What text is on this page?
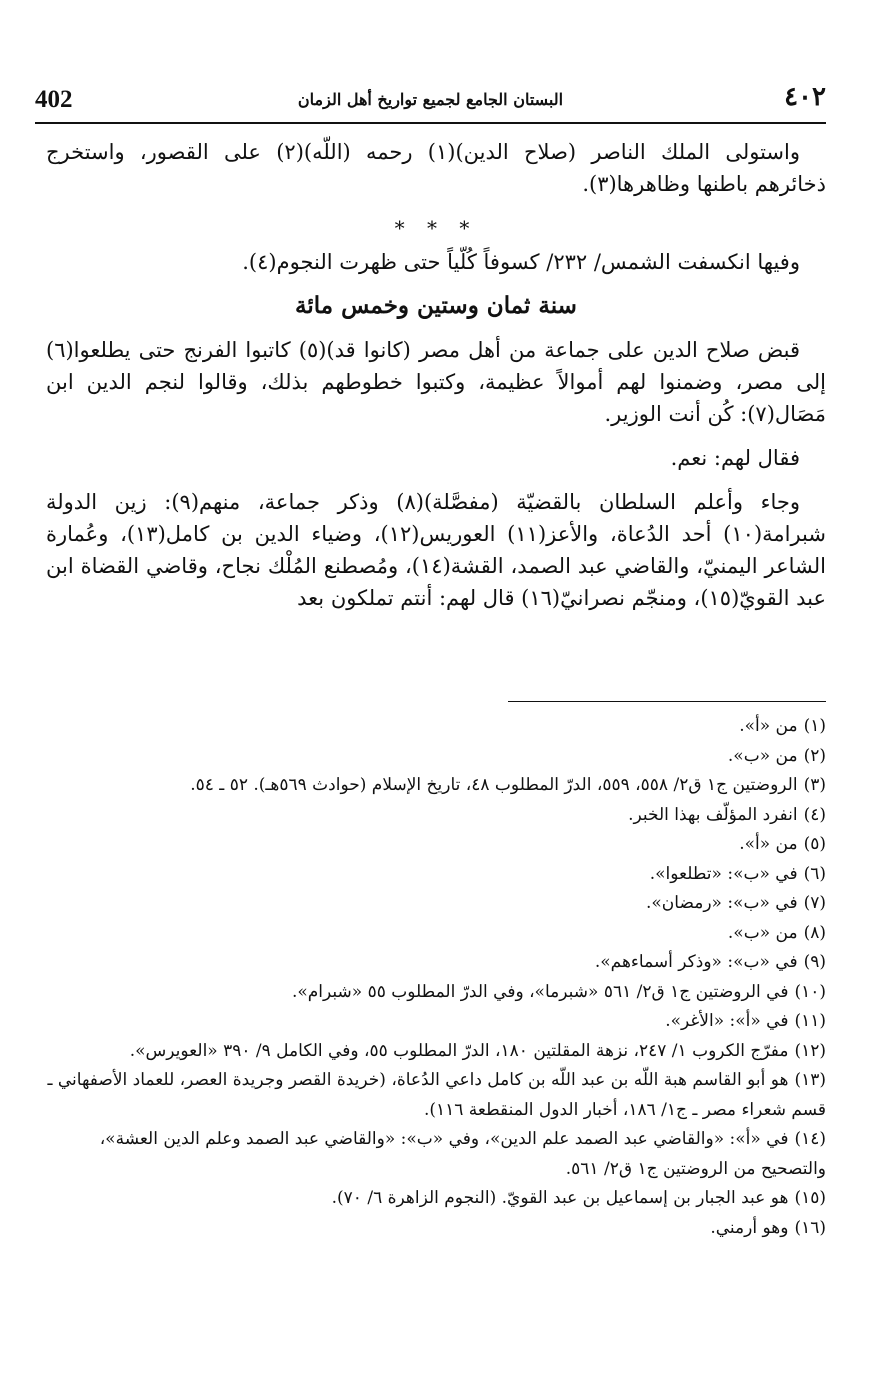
402	البستان الجامع لجميع تواريخ أهل الزمان	٤٠٢

واستولى الملك الناصر (صلاح الدين)(١) رحمه (اللّه)(٢) على القصور، واستخرج ذخائرهم باطنها وظاهرها(٣).

* * *

وفيها انكسفت الشمس/ ٢٣٢/ كسوفاً كُلّياً حتى ظهرت النجوم(٤).

سنة ثمان وستين وخمس مائة

قبض صلاح الدين على جماعة من أهل مصر (كانوا قد)(٥) كاتبوا الفرنج حتى يطلعوا(٦) إلى مصر، وضمنوا لهم أموالاً عظيمة، وكتبوا خطوطهم بذلك، وقالوا لنجم الدين ابن مَصَال(٧): كُن أنت الوزير.

فقال لهم: نعم.

وجاء وأعلم السلطان بالقضيّة (مفصَّلة)(٨) وذكر جماعة، منهم(٩): زين الدولة شبرامة(١٠) أحد الدُعاة، والأعز(١١) العوريس(١٢)، وضياء الدين بن كامل(١٣)، وعُمارة الشاعر اليمنيّ، والقاضي عبد الصمد، القشة(١٤)، ومُصطنع المُلْك نجاح، وقاضي القضاة ابن عبد القويّ(١٥)، ومنجّم نصرانيّ(١٦) قال لهم: أنتم تملكون بعد

(١)من «أ».

(٢)من «ب».

(٣)الروضتين ج١ ق٢/ ٥٥٨، ٥٥٩، الدرّ المطلوب ٤٨، تاريخ الإسلام (حوادث ٥٦٩هـ). ٥٢ ـ ٥٤.

(٤)انفرد المؤلّف بهذا الخبر.

(٥)من «أ».

(٦)في «ب»: «تطلعوا».

(٧)في «ب»: «رمضان».

(٨)من «ب».

(٩)في «ب»: «وذكر أسماءهم».

(١٠)في الروضتين ج١ ق٢/ ٥٦١ «شبرما»، وفي الدرّ المطلوب ٥٥ «شبرام».

(١١)في «أ»: «الأغر».

(١٢)مفرّج الكروب ١/ ٢٤٧، نزهة المقلتين ١٨٠، الدرّ المطلوب ٥٥، وفي الكامل ٩/ ٣٩٠ «العويرس».

(١٣)هو أبو القاسم هبة اللّه بن عبد اللّه بن كامل داعي الدُعاة، (خريدة القصر وجريدة العصر، للعماد الأصفهاني ـ قسم شعراء مصر ـ ج١/ ١٨٦، أخبار الدول المنقطعة ١١٦).

(١٤)في «أ»: «والقاضي عبد الصمد علم الدين»، وفي «ب»: «والقاضي عبد الصمد وعلم الدين العشة»، والتصحيح من الروضتين ج١ ق٢/ ٥٦١.

(١٥)هو عبد الجبار بن إسماعيل بن عبد القويّ. (النجوم الزاهرة ٦/ ٧٠).

(١٦)وهو أرمني.
